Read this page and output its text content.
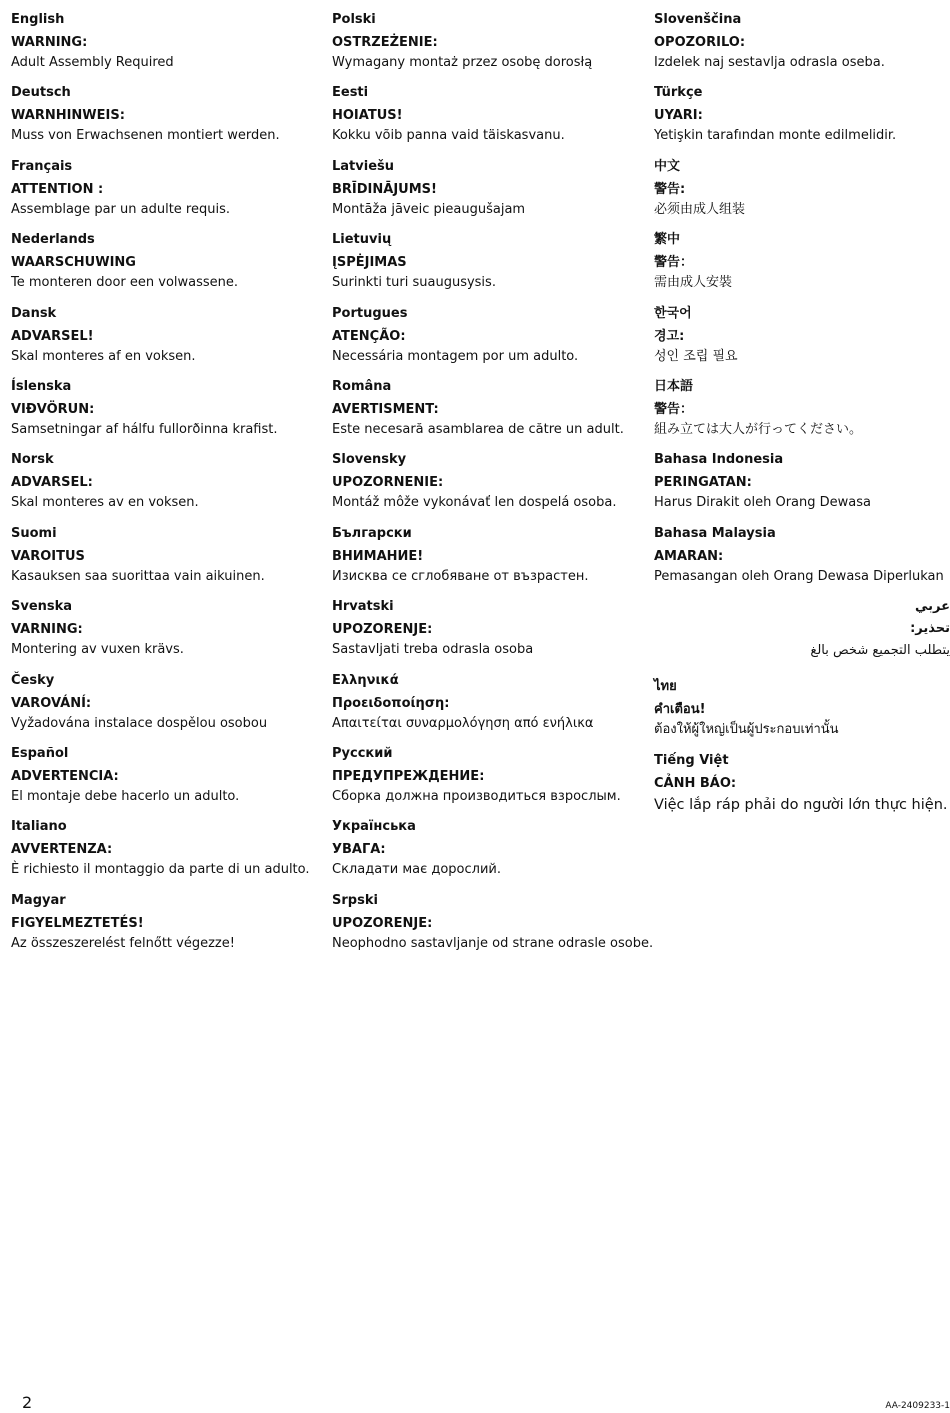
English
WARNING:
Adult Assembly Required
Deutsch
WARNHINWEIS:
Muss von Erwachsenen montiert werden.
Français
ATTENTION :
Assemblage par un adulte requis.
Nederlands
WAARSCHUWING
Te monteren door een volwassene.
Dansk
ADVARSEL!
Skal monteres af en voksen.
Íslenska
VIÐVÖRUN:
Samsetningar af hálfu fullorðinna krafist.
Norsk
ADVARSEL:
Skal monteres av en voksen.
Suomi
VAROITUS
Kasauksen saa suorittaa vain aikuinen.
Svenska
VARNING:
Montering av vuxen krävs.
Česky
VAROVÁNÍ:
Vyžadována instalace dospělou osobou
Español
ADVERTENCIA:
El montaje debe hacerlo un adulto.
Italiano
AVVERTENZA:
È richiesto il montaggio da parte di un adulto.
Magyar
FIGYELMEZTETÉS!
Az összeszerelést felnőtt végezze!
Polski
OSTRZEŻENIE:
Wymagany montaż przez osobę dorosłą
Eesti
HOIATUS!
Kokku võib panna vaid täiskasvanu.
Latviešu
BRĪDINĀJUMS!
Montāža jāveic pieaugušajam
Lietuvių
ĮSPĖJIMAS
Surinkti turi suaugusysis.
Portugues
ATENÇÃO:
Necessária montagem por um adulto.
Româna
AVERTISMENT:
Este necesară asamblarea de către un adult.
Slovensky
UPOZORNENIE:
Montáž môže vykonávať len dospelá osoba.
Български
ВНИМАНИЕ!
Изисква се сглобяване от възрастен.
Hrvatski
UPOZORENJE:
Sastavljati treba odrasla osoba
Ελληνικά
Προειδοποίηση:
Απαιτείται συναρμολόγηση από ενήλικα
Русский
ПРЕДУПРЕЖДЕНИЕ:
Сборка должна производиться взрослым.
Українська
УВАГА:
Складати має дорослий.
Srpski
UPOZORENJE:
Neophodno sastavljanje od strane odrasle osobe.
Slovenščina
OPOZORILO:
Izdelek naj sestavlja odrasla oseba.
Türkçe
UYARI:
Yetişkin tarafından monte edilmelidir.
中文
警告:
必须由成人组装
繁中
警告：
需由成人安裝
한국어
경고:
성인 조립 필요
日本語
警告：
組み立ては大人が行ってください。
Bahasa Indonesia
PERINGATAN:
Harus Dirakit oleh Orang Dewasa
Bahasa Malaysia
AMARAN:
Pemasangan oleh Orang Dewasa Diperlukan
عربي
تحذير:
يتطلب التجميع شخص بالغ
ไทย
คำเตือน!
ต้องให้ผู้ใหญ่เป็นผู้ประกอบเท่านั้น
Tiếng Việt
CẢNH BÁO:
Việc lắp ráp phải do người lớn thực hiện.
2	AA-2409233-1
